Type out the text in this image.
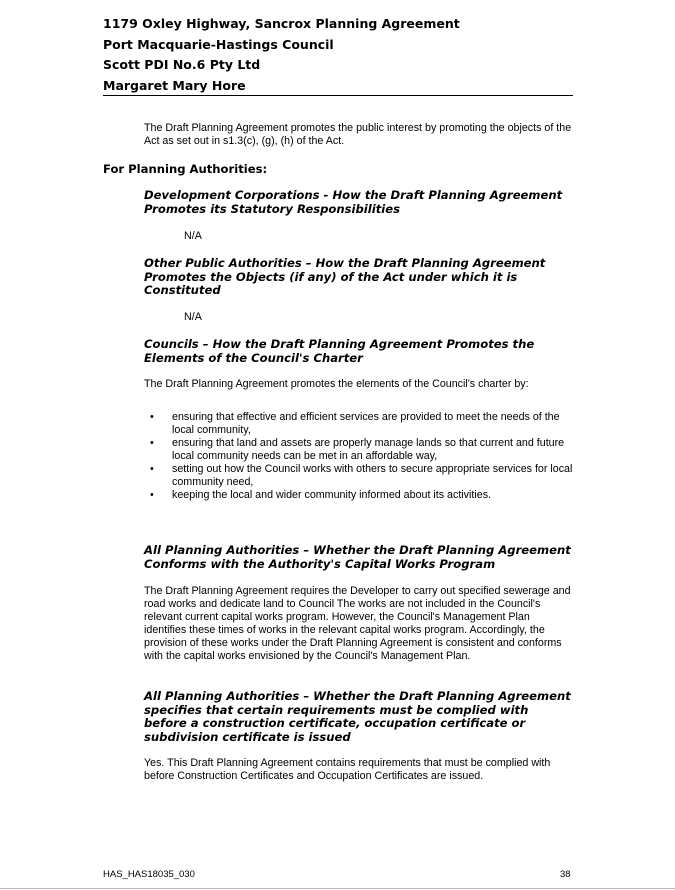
1179 Oxley Highway, Sancrox Planning Agreement
Port Macquarie-Hastings Council
Scott PDI No.6 Pty Ltd
Margaret Mary Hore

The Draft Planning Agreement promotes the public interest by promoting the objects of the Act as set out in s1.3(c), (g), (h) of the Act.

For Planning Authorities:
Development Corporations - How the Draft Planning Agreement Promotes its Statutory Responsibilities
N/A
Other Public Authorities – How the Draft Planning Agreement Promotes the Objects (if any) of the Act under which it is Constituted
N/A
Councils – How the Draft Planning Agreement Promotes the Elements of the Council's Charter

The Draft Planning Agreement promotes the elements of the Council's charter by:

• ensuring that effective and efficient services are provided to meet the needs of the local community,
• ensuring that land and assets are properly manage lands so that current and future local community needs can be met in an affordable way,
• setting out how the Council works with others to secure appropriate services for local community need,
• keeping the local and wider community informed about its activities.
All Planning Authorities – Whether the Draft Planning Agreement Conforms with the Authority's Capital Works Program

The Draft Planning Agreement requires the Developer to carry out specified sewerage and road works and dedicate land to Council The works are not included in the Council's relevant current capital works program. However, the Council's Management Plan identifies these times of works in the relevant capital works program. Accordingly, the provision of these works under the Draft Planning Agreement is consistent and conforms with the capital works envisioned by the Council's Management Plan.

All Planning Authorities – Whether the Draft Planning Agreement specifies that certain requirements must be complied with before a construction certificate, occupation certificate or subdivision certificate is issued

Yes. This Draft Planning Agreement contains requirements that must be complied with before Construction Certificates and Occupation Certificates are issued.

HAS_HAS18035_030	38
